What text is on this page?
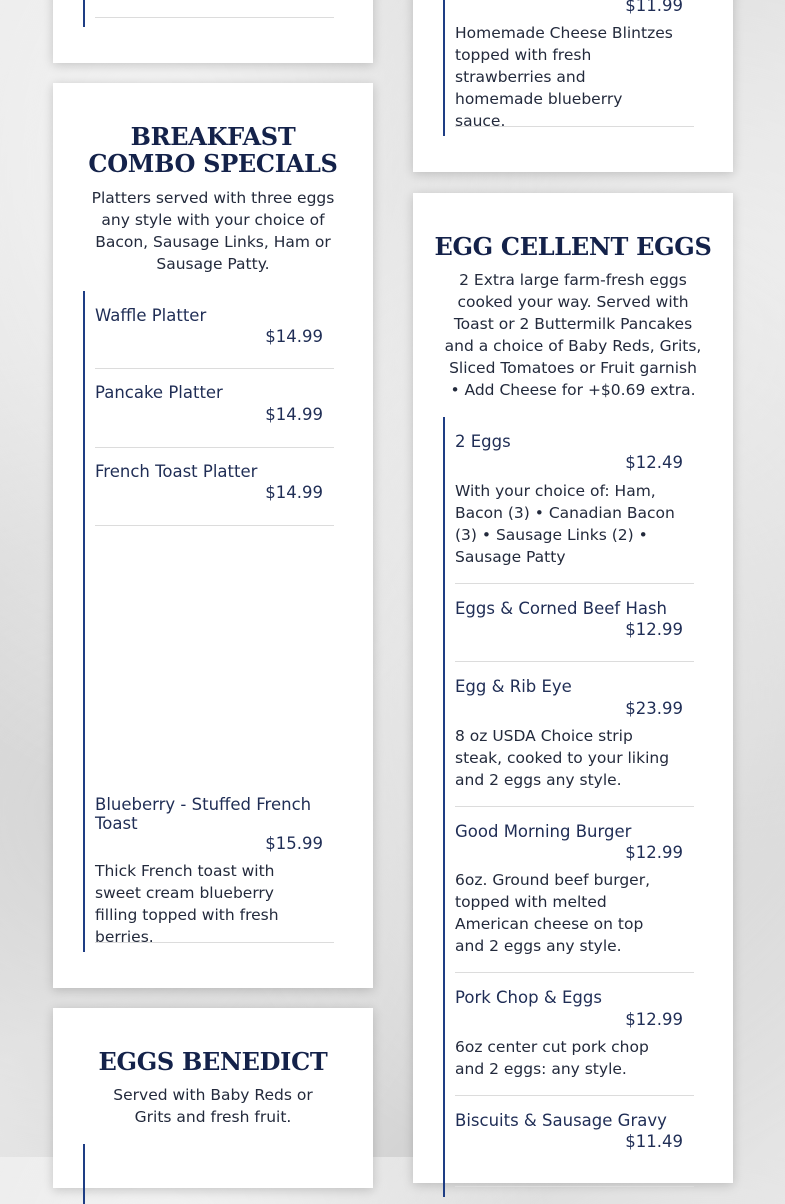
$11.99
Homemade Cheese Blintzes topped with fresh strawberries and homemade blueberry sauce.
BREAKFAST COMBO SPECIALS

Platters served with three eggs any style with your choice of Bacon, Sausage Links, Ham or Sausage Patty.

Waffle Platter
$14.99
Pancake Platter
$14.99
French Toast Platter
$14.99
Blueberry - Stuffed French Toast
$15.99
Thick French toast with sweet cream blueberry filling topped with fresh berries.
EGG CELLENT EGGS

2 Extra large farm-fresh eggs cooked your way. Served with Toast or 2 Buttermilk Pancakes and a choice of Baby Reds, Grits, Sliced Tomatoes or Fruit garnish • Add Cheese for +$0.69 extra.

2 Eggs
$12.49
With your choice of: Ham, Bacon (3) • Canadian Bacon (3) • Sausage Links (2) • Sausage Patty
Eggs & Corned Beef Hash
$12.99
Egg & Rib Eye
$23.99
8 oz USDA Choice strip steak, cooked to your liking and 2 eggs any style.
Good Morning Burger
$12.99
6oz. Ground beef burger, topped with melted American cheese on top and 2 eggs any style.
Pork Chop & Eggs
$12.99
6oz center cut pork chop and 2 eggs: any style.
Biscuits & Sausage Gravy
$11.49
EGGS BENEDICT

Served with Baby Reds or Grits and fresh fruit.
